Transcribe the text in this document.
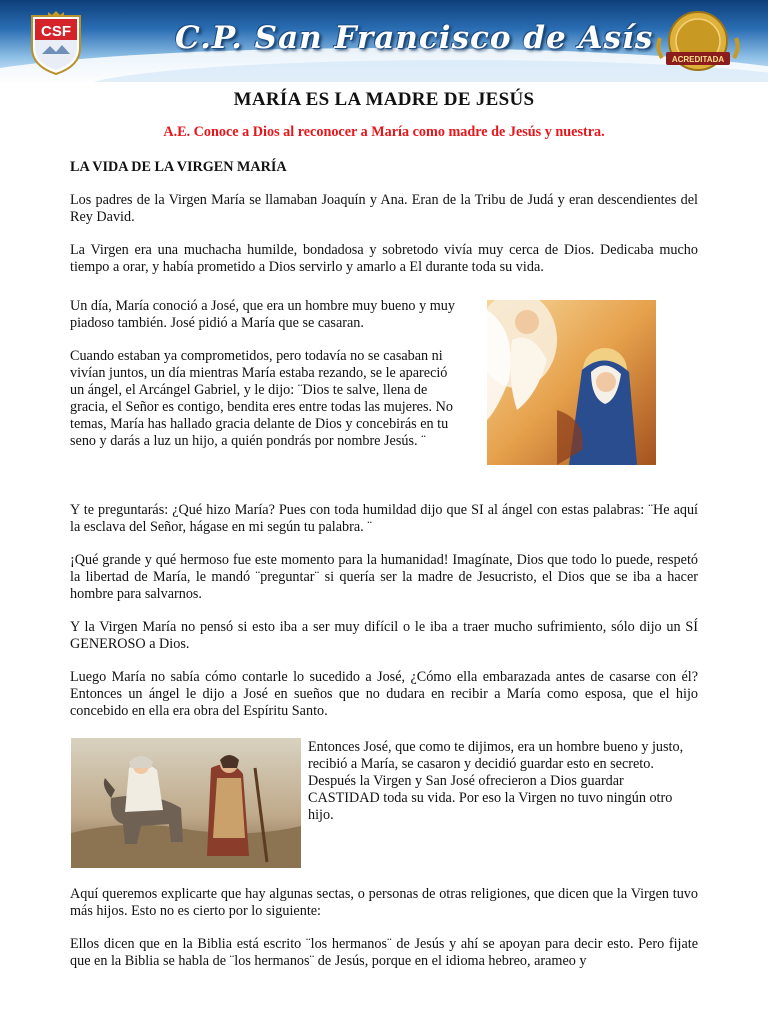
CSF	C.P. San Francisco de Asís
ACREDITADA
MARÍA ES LA MADRE DE JESÚS
A.E. Conoce a Dios al reconocer a María como madre de Jesús y nuestra.
LA VIDA DE LA VIRGEN MARÍA

Los padres de la Virgen María se llamaban Joaquín y Ana. Eran de la Tribu de Judá y eran descendientes del Rey David.

La Virgen era una muchacha humilde, bondadosa y sobretodo vivía muy cerca de Dios. Dedicaba mucho tiempo a orar, y había prometido a Dios servirlo y amarlo a El durante toda su vida.

Un día, María conoció a José, que era un hombre muy bueno y muy piadoso también. José pidió a María que se casaran.

Cuando estaban ya comprometidos, pero todavía no se casaban ni vivían juntos, un día mientras María estaba rezando, se le apareció un ángel, el Arcángel Gabriel, y le dijo: ¨Dios te salve, llena de gracia, el Señor es contigo, bendita eres entre todas las mujeres. No temas, María has hallado gracia delante de Dios y concebirás en tu seno y darás a luz un hijo, a quién pondrás por nombre Jesús. ¨

Y te preguntarás: ¿Qué hizo María? Pues con toda humildad dijo que SI al ángel con estas palabras: ¨He aquí la esclava del Señor, hágase en mi según tu palabra. ¨

¡Qué grande y qué hermoso fue este momento para la humanidad! Imagínate, Dios que todo lo puede, respetó la libertad de María, le mandó ¨preguntar¨ si quería ser la madre de Jesucristo, el Dios que se iba a hacer hombre para salvarnos.

Y la Virgen María no pensó si esto iba a ser muy difícil o le iba a traer mucho sufrimiento, sólo dijo un SÍ GENEROSO a Dios.

Luego María no sabía cómo contarle lo sucedido a José, ¿Cómo ella embarazada antes de casarse con él? Entonces un ángel le dijo a José en sueños que no dudara en recibir a María como esposa, que el hijo concebido en ella era obra del Espíritu Santo.

Entonces José, que como te dijimos, era un hombre bueno y justo, recibió a María, se casaron y decidió guardar esto en secreto. Después la Virgen y San José ofrecieron a Dios guardar CASTIDAD toda su vida. Por eso la Virgen no tuvo ningún otro hijo.

Aquí queremos explicarte que hay algunas sectas, o personas de otras religiones, que dicen que la Virgen tuvo más hijos. Esto no es cierto por lo siguiente:

Ellos dicen que en la Biblia está escrito ¨los hermanos¨ de Jesús y ahí se apoyan para decir esto. Pero fijate que en la Biblia se habla de ¨los hermanos¨ de Jesús, porque en el idioma hebreo, arameo y
